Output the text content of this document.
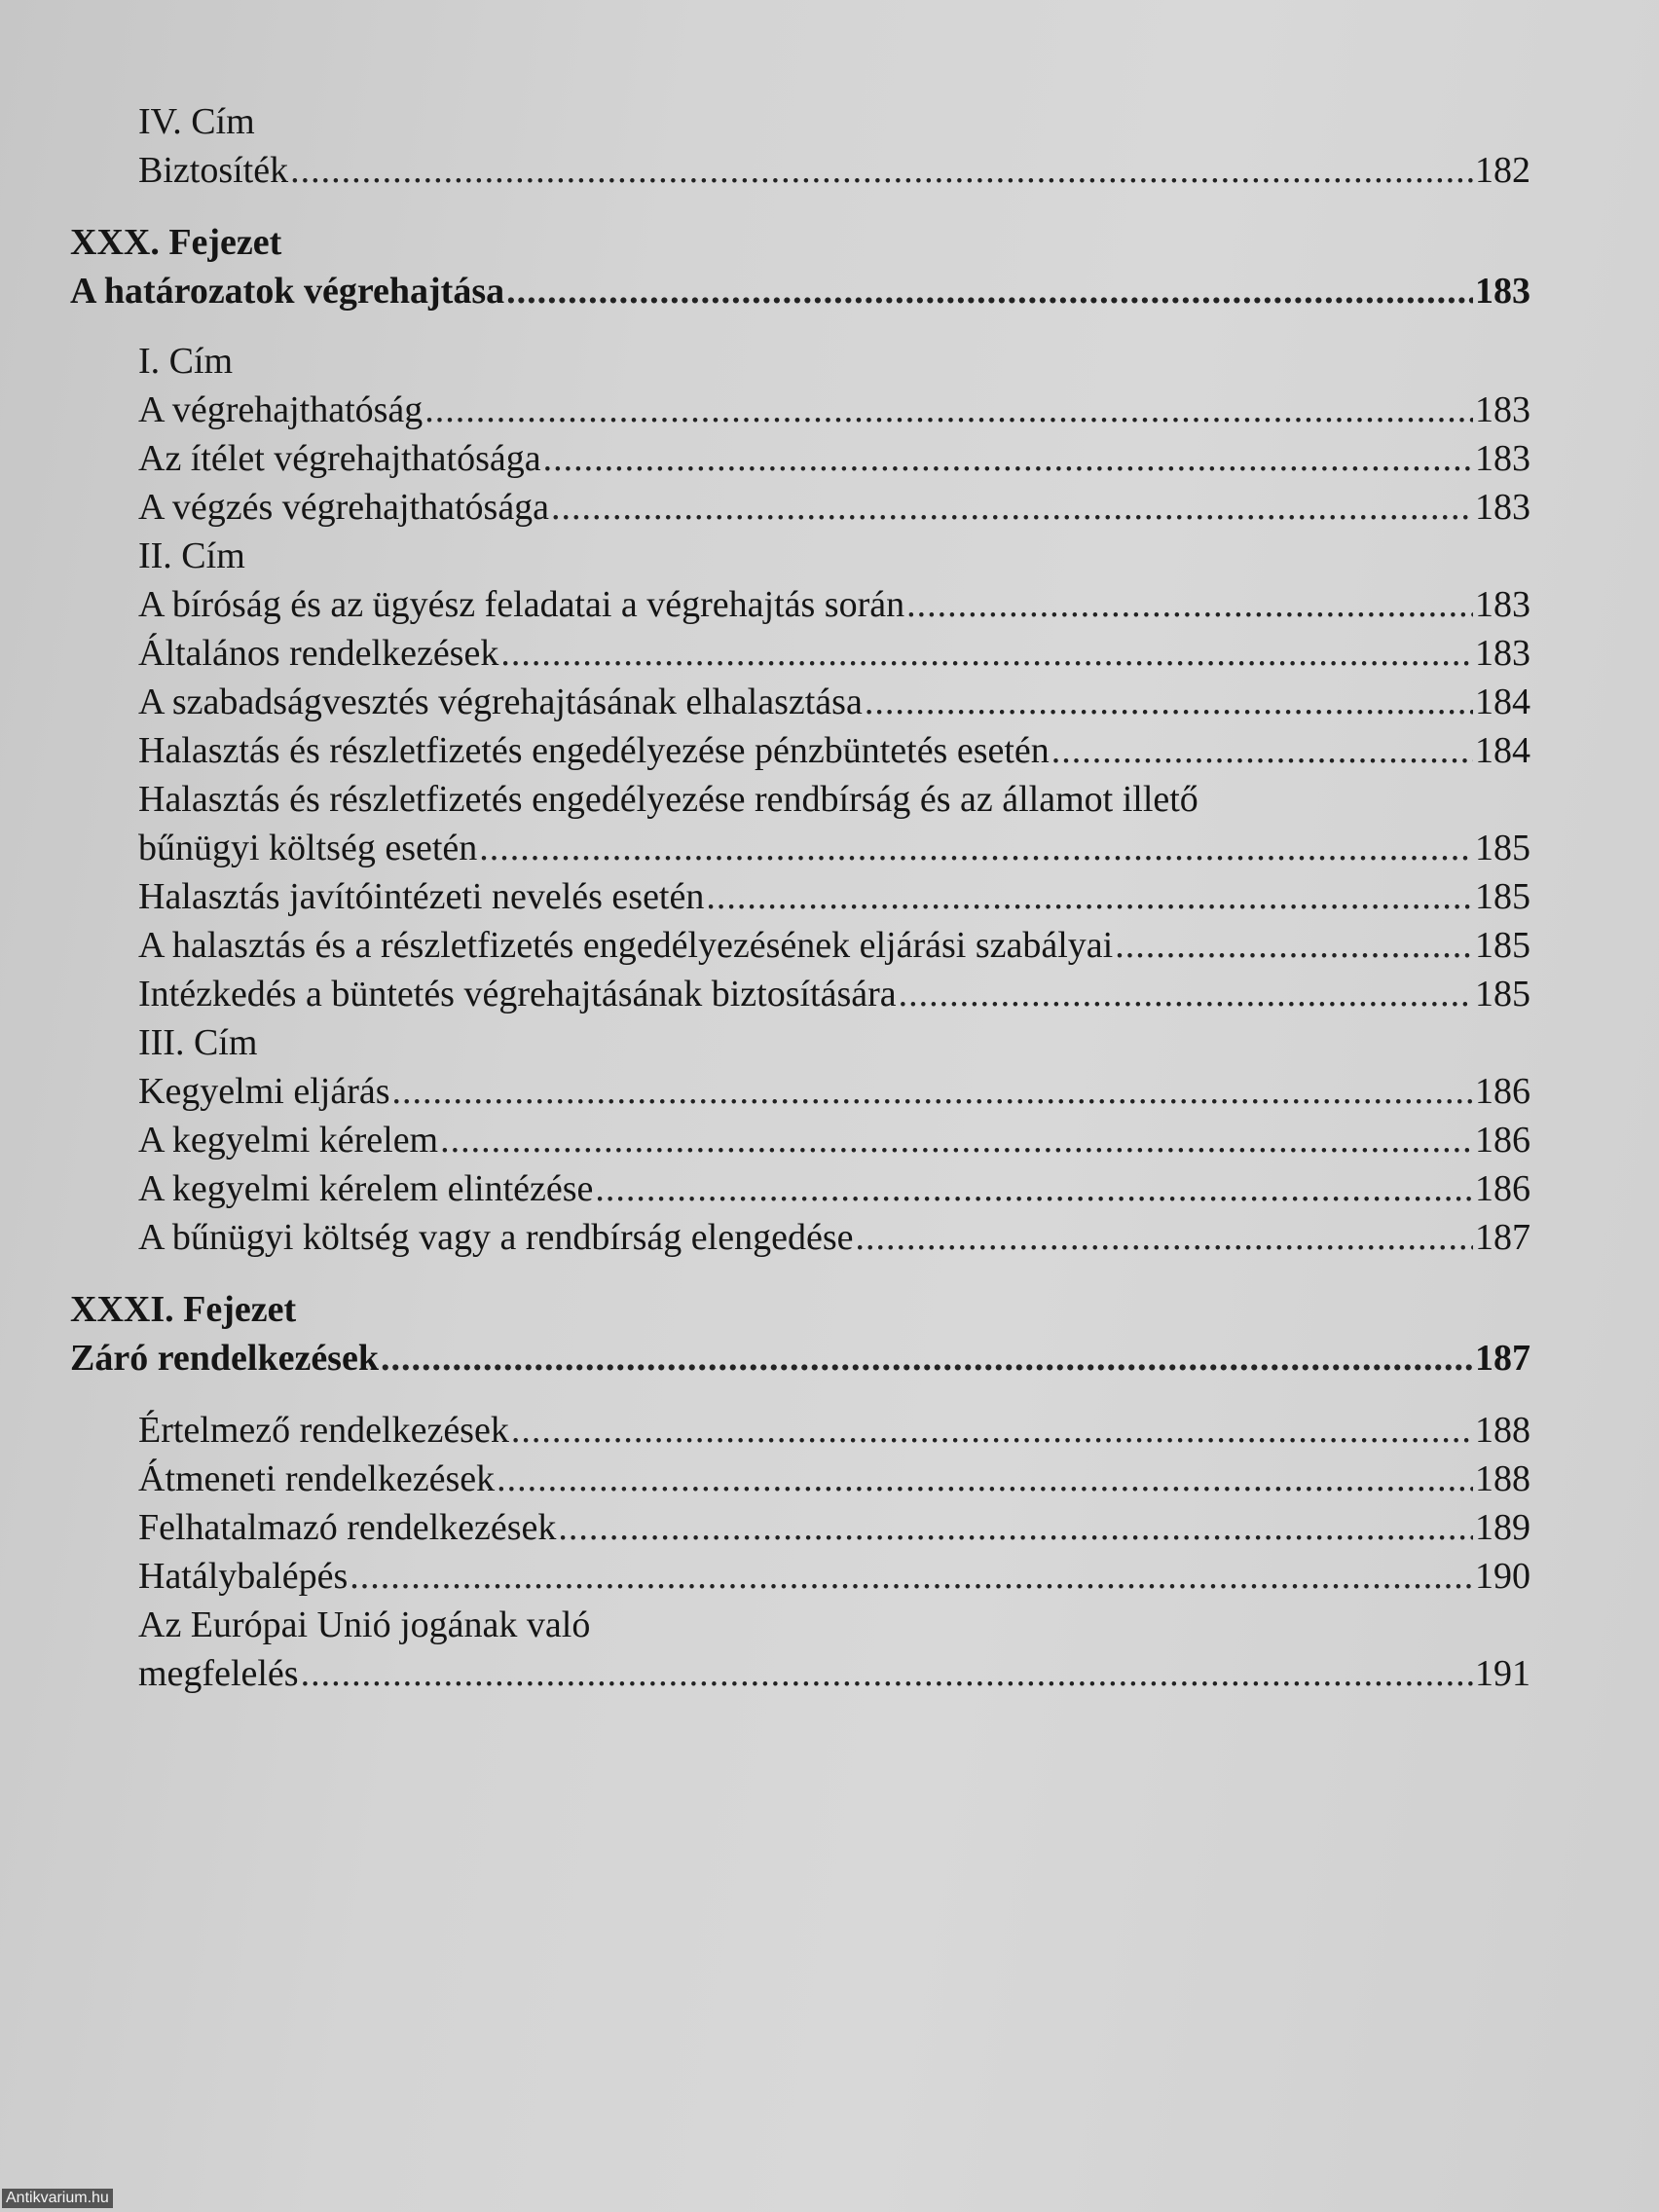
IV. Cím
Biztosíték .....	182
XXX. Fejezet
A határozatok végrehajtása .....	183
I. Cím
A végrehajthatóság .....	183
Az ítélet végrehajthatósága .....	183
A végzés végrehajthatósága .....	183
II. Cím
A bíróság és az ügyész feladatai a végrehajtás során .....	183
Általános rendelkezések .....	183
A szabadságvesztés végrehajtásának elhalasztása .....	184
Halasztás és részletfizetés engedélyezése pénzbüntetés esetén .....	184
Halasztás és részletfizetés engedélyezése rendbírság és az államot illető
bűnügyi költség esetén .....	185
Halasztás javítóintézeti nevelés esetén .....	185
A halasztás és a részletfizetés engedélyezésének eljárási szabályai .....	185
Intézkedés a büntetés végrehajtásának biztosítására .....	185
III. Cím
Kegyelmi eljárás .....	186
A kegyelmi kérelem .....	186
A kegyelmi kérelem elintézése .....	186
A bűnügyi költség vagy a rendbírság elengedése .....	187
XXXI. Fejezet
Záró rendelkezések .....	187
Értelmező rendelkezések .....	188
Átmeneti rendelkezések .....	188
Felhatalmazó rendelkezések .....	189
Hatálybalépés .....	190
Az Európai Unió jogának való
megfelelés .....	191
Antikvarium.hu
